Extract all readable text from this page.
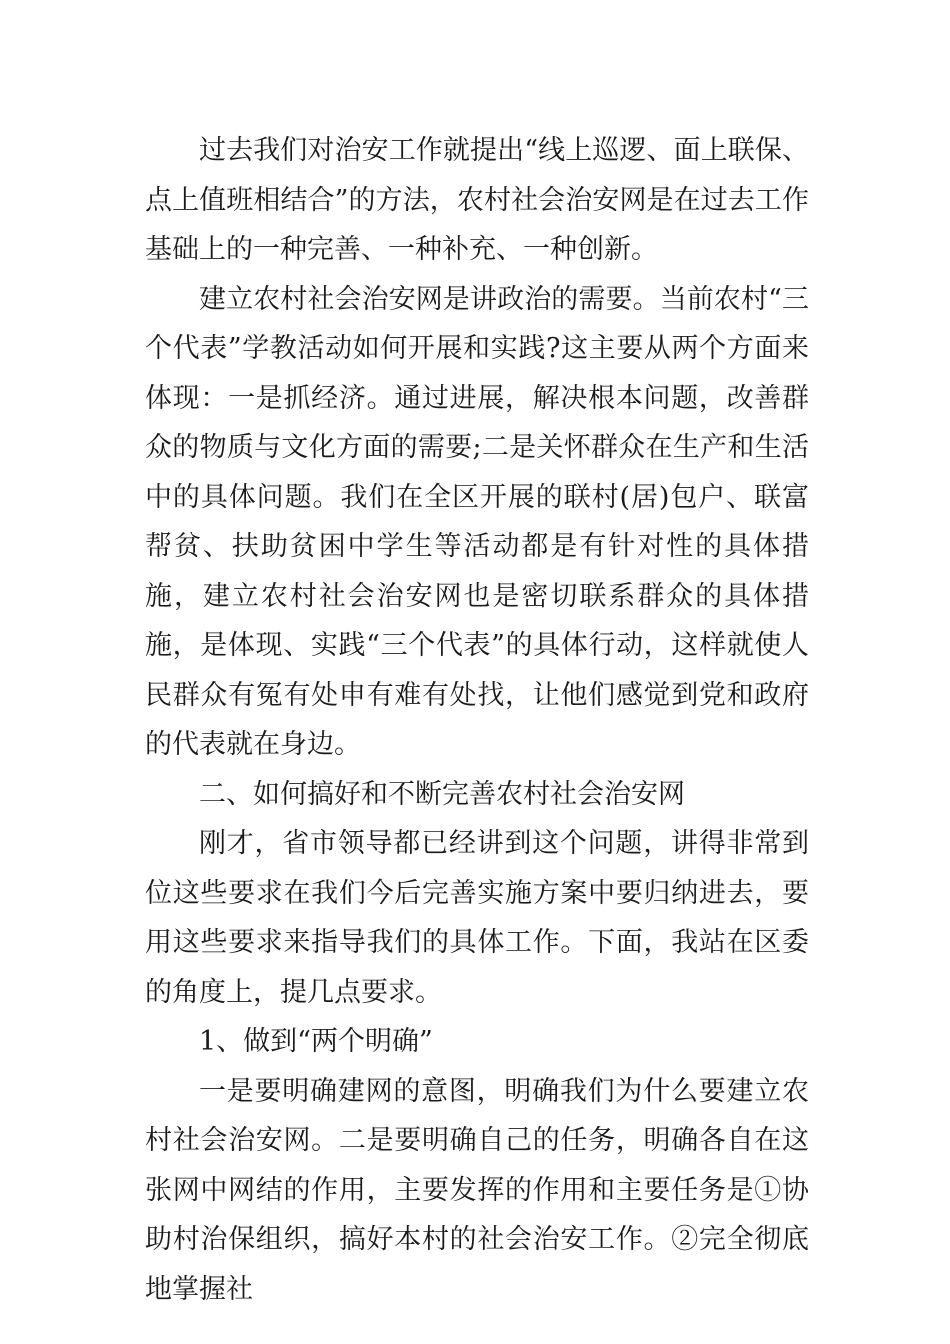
过去我们对治安工作就提出“线上巡逻、面上联保、点上值班相结合”的方法，农村社会治安网是在过去工作基础上的一种完善、一种补充、一种创新。

建立农村社会治安网是讲政治的需要。当前农村“三个代表”学教活动如何开展和实践?这主要从两个方面来体现：一是抓经济。通过进展，解决根本问题，改善群众的物质与文化方面的需要;二是关怀群众在生产和生活中的具体问题。我们在全区开展的联村(居)包户、联富帮贫、扶助贫困中学生等活动都是有针对性的具体措施，建立农村社会治安网也是密切联系群众的具体措施，是体现、实践“三个代表”的具体行动，这样就使人民群众有冤有处申有难有处找，让他们感觉到党和政府的代表就在身边。

二、如何搞好和不断完善农村社会治安网

刚才，省市领导都已经讲到这个问题，讲得非常到位这些要求在我们今后完善实施方案中要归纳进去，要用这些要求来指导我们的具体工作。下面，我站在区委的角度上，提几点要求。

1、做到“两个明确”

一是要明确建网的意图，明确我们为什么要建立农村社会治安网。二是要明确自己的任务，明确各自在这张网中网结的作用，主要发挥的作用和主要任务是①协助村治保组织，搞好本村的社会治安工作。②完全彻底地掌握社
